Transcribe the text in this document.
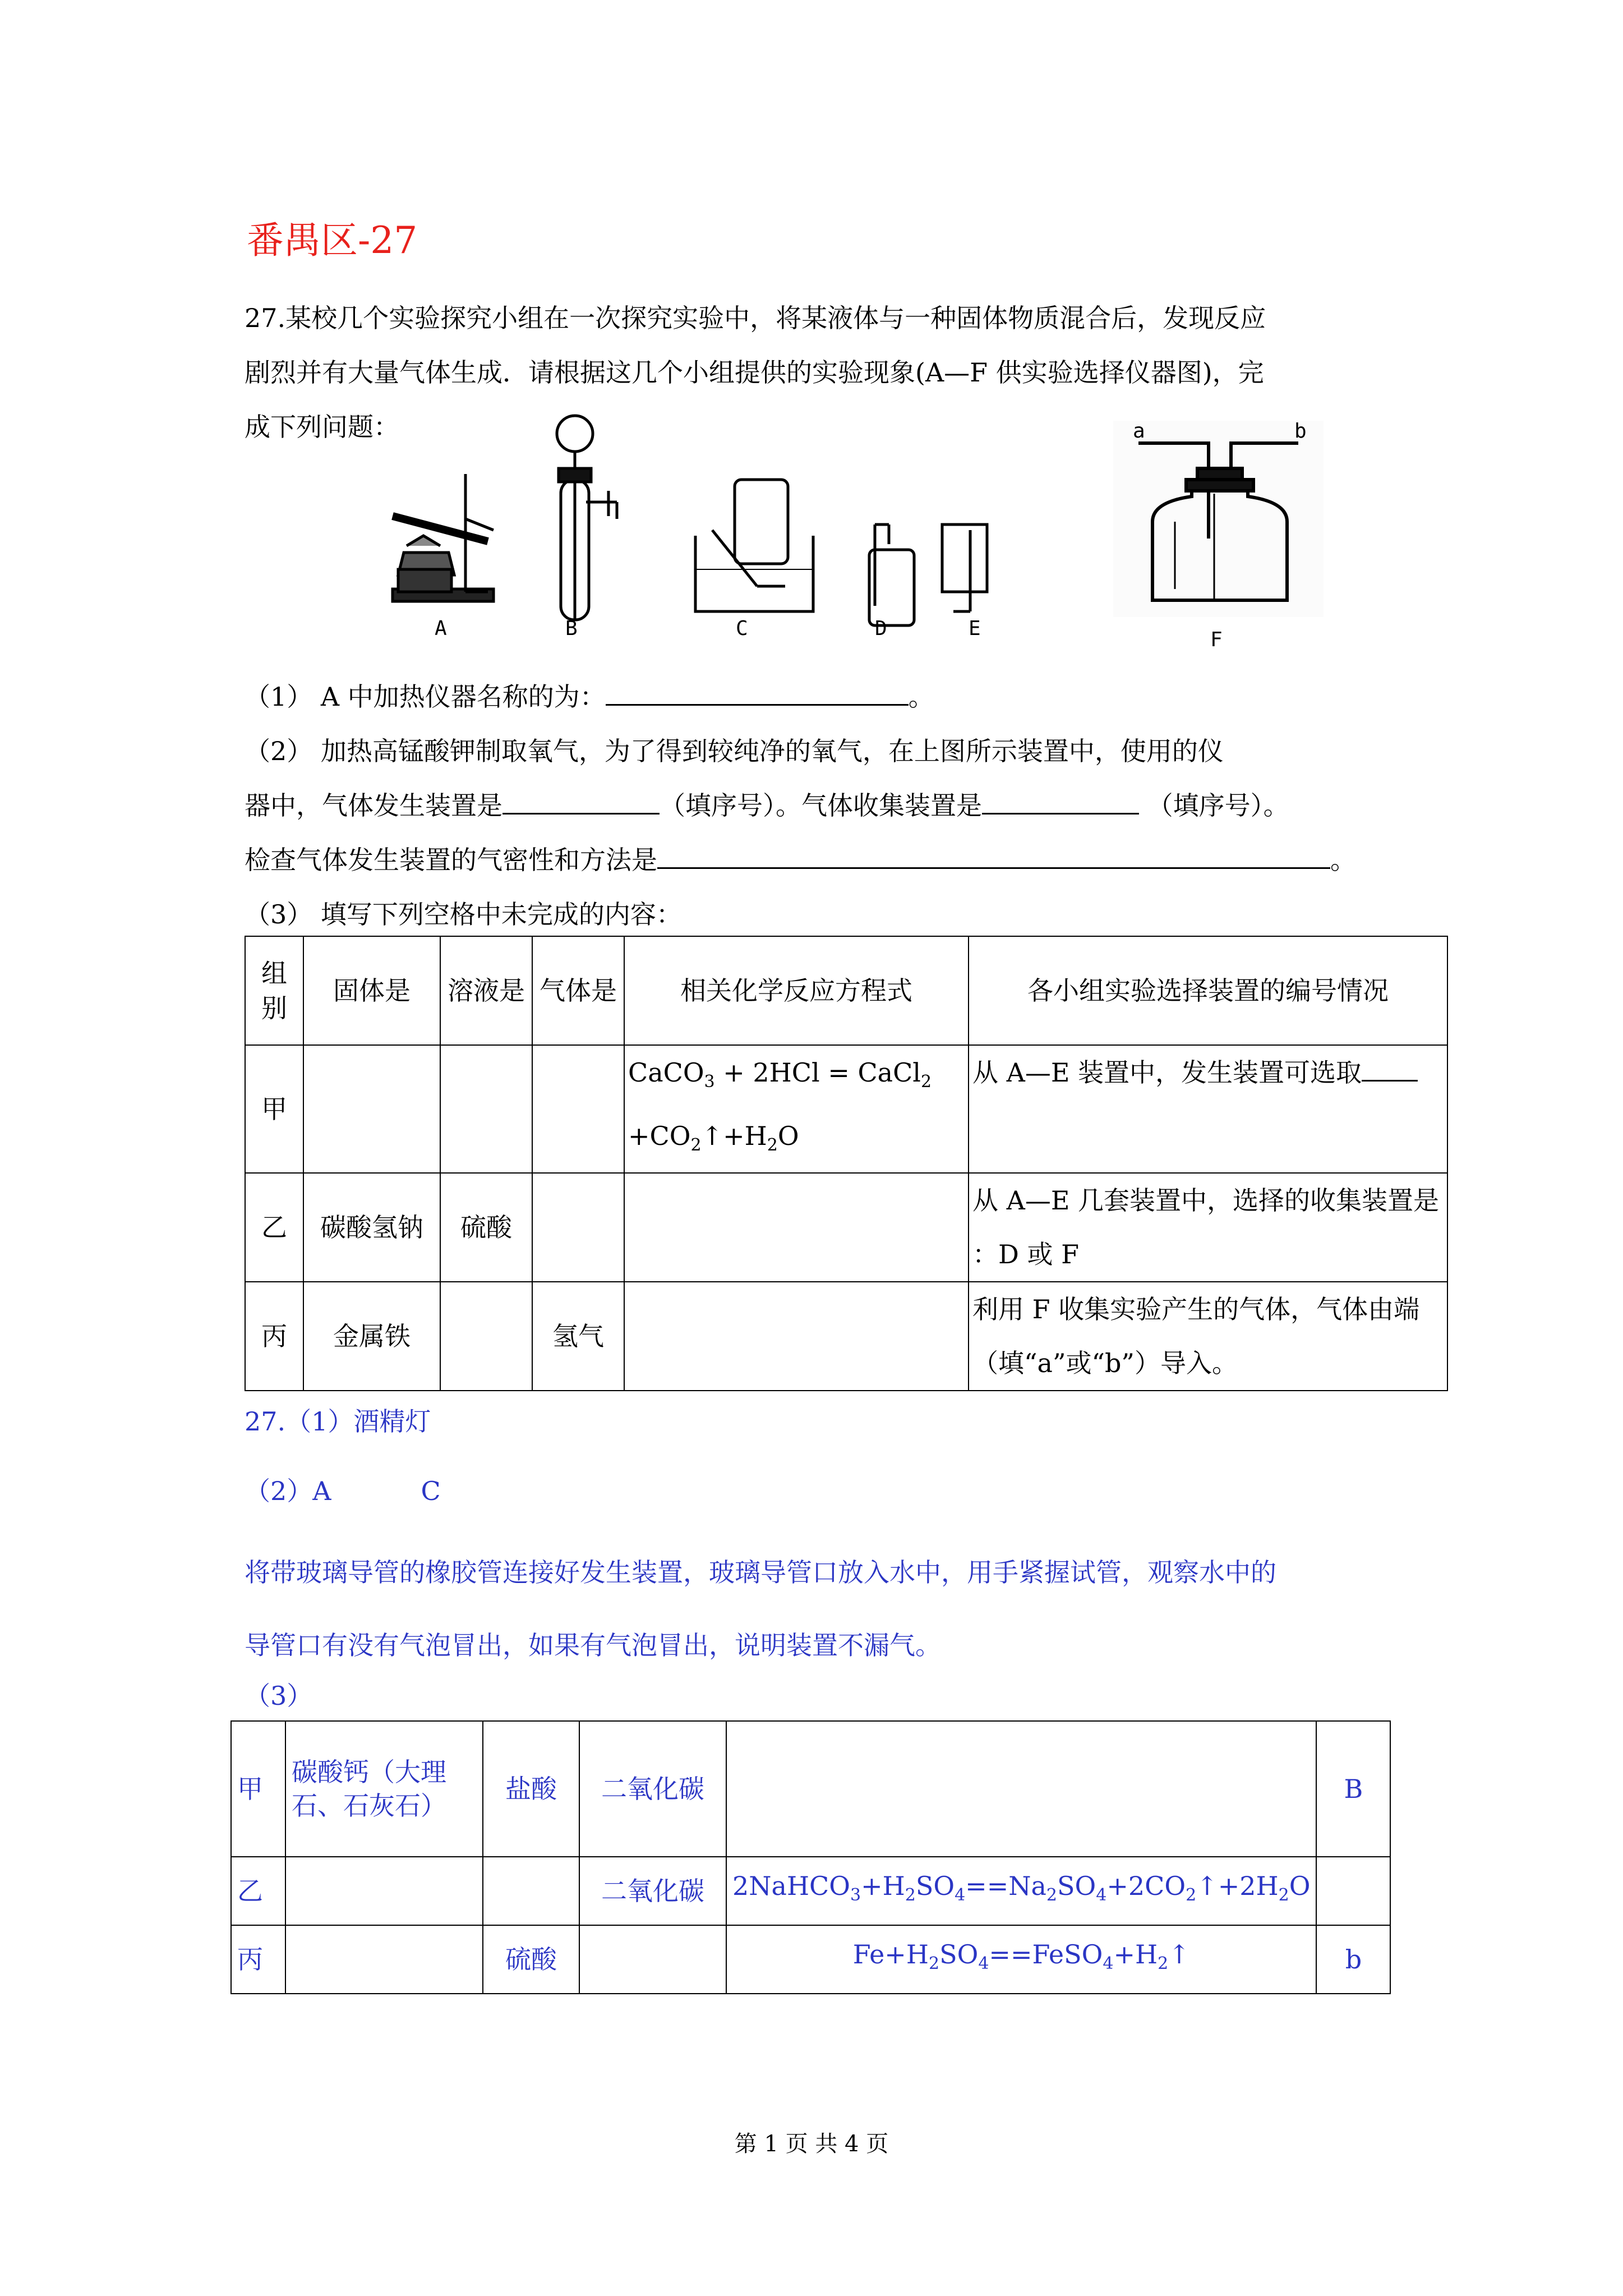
番禺区-27
27.某校几个实验探究小组在一次探究实验中，将某液体与一种固体物质混合后，发现反应
剧烈并有大量气体生成．请根据这几个小组提供的实验现象(A—F 供实验选择仪器图)，完
成下列问题：
A	B	C	D	E
a	b
F
（1） A 中加热仪器名称的为：	。
（2） 加热高锰酸钾制取氧气，为了得到较纯净的氧气，在上图所示装置中，使用的仪
器中，气体发生装置是	（填序号）。气体收集装置是	（填序号）。
检查气体发生装置的气密性和方法是	。
（3） 填写下列空格中未完成的内容：
组别	固体是	溶液是	气体是	相关化学反应方程式	各小组实验选择装置的编号情况
甲				CaCO$_3$ + 2HCl = CaCl$_2$ $+CO_2↑+H_2O$	从 A—E 装置中，发生装置可选取
乙	碳酸氢钠	硫酸			从 A—E 几套装置中，选择的收集装置是 ：D 或 F
丙	金属铁		氢气		利用 F 收集实验产生的气体，气体由端（填“a”或“b”）导入。
27.（1）酒精灯
（2）A	C
将带玻璃导管的橡胶管连接好发生装置，玻璃导管口放入水中，用手紧握试管，观察水中的
导管口有没有气泡冒出，如果有气泡冒出，说明装置不漏气。
（3）
甲	碳酸钙（大理石、石灰石）	盐酸	二氧化碳		B
乙			二氧化碳	$2NaHCO_3+H_2SO_4==Na_2SO_4+2CO_2↑+2H_2O$	
丙		硫酸		$Fe+H_2SO_4==FeSO_4+H_2↑$	b
第 1 页 共 4 页
